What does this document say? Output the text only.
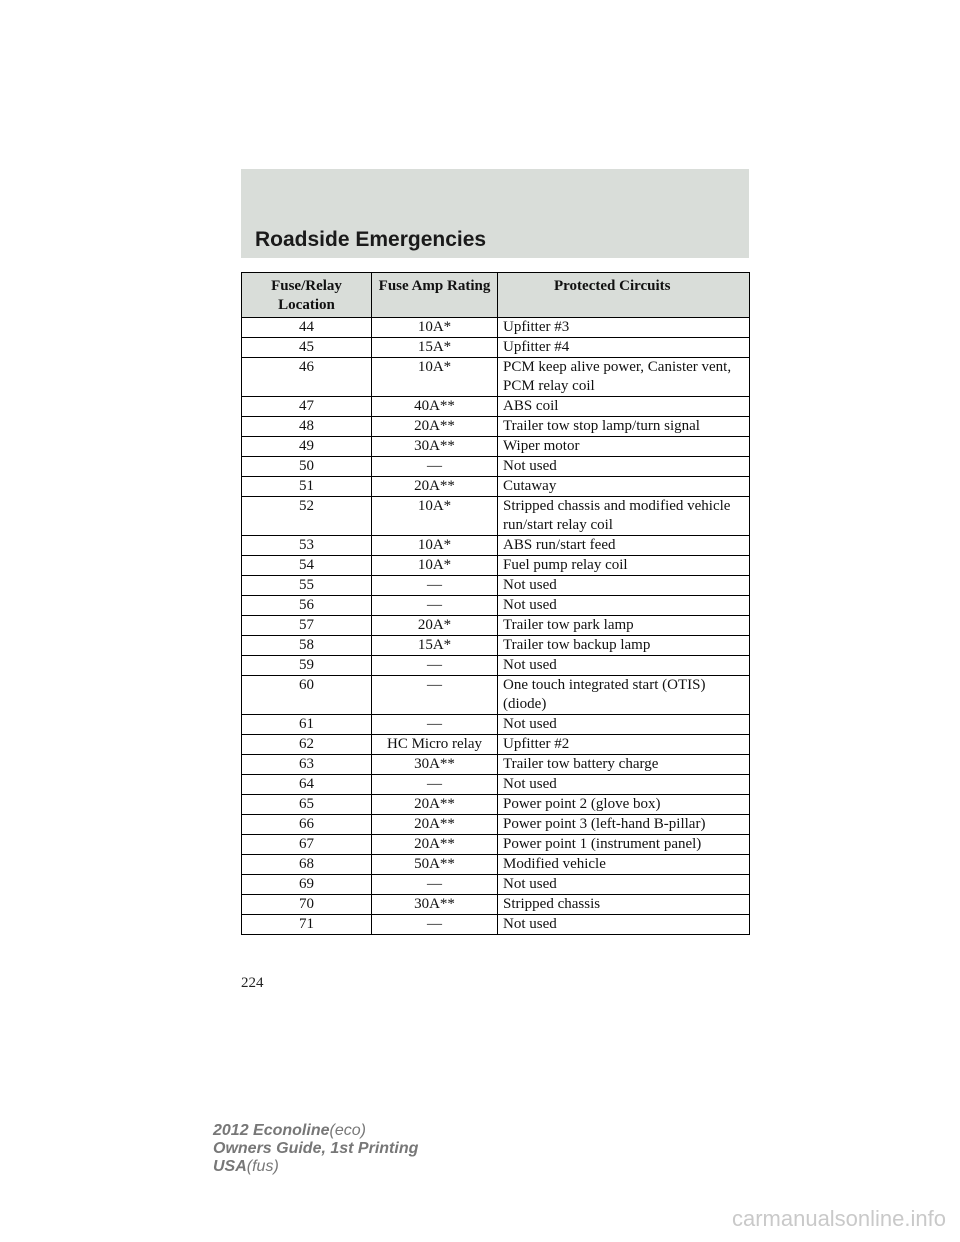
Roadside Emergencies
Fuse/Relay Location	Fuse Amp Rating	Protected Circuits
44	10A*	Upfitter #3
45	15A*	Upfitter #4
46	10A*	PCM keep alive power, Canister vent, PCM relay coil
47	40A**	ABS coil
48	20A**	Trailer tow stop lamp/turn signal
49	30A**	Wiper motor
50	—	Not used
51	20A**	Cutaway
52	10A*	Stripped chassis and modified vehicle run/start relay coil
53	10A*	ABS run/start feed
54	10A*	Fuel pump relay coil
55	—	Not used
56	—	Not used
57	20A*	Trailer tow park lamp
58	15A*	Trailer tow backup lamp
59	—	Not used
60	—	One touch integrated start (OTIS) (diode)
61	—	Not used
62	HC Micro relay	Upfitter #2
63	30A**	Trailer tow battery charge
64	—	Not used
65	20A**	Power point 2 (glove box)
66	20A**	Power point 3 (left-hand B-pillar)
67	20A**	Power point 1 (instrument panel)
68	50A**	Modified vehicle
69	—	Not used
70	30A**	Stripped chassis
71	—	Not used
224
2012 Econoline(eco)
Owners Guide, 1st Printing
USA(fus)
carmanualsonline.info
